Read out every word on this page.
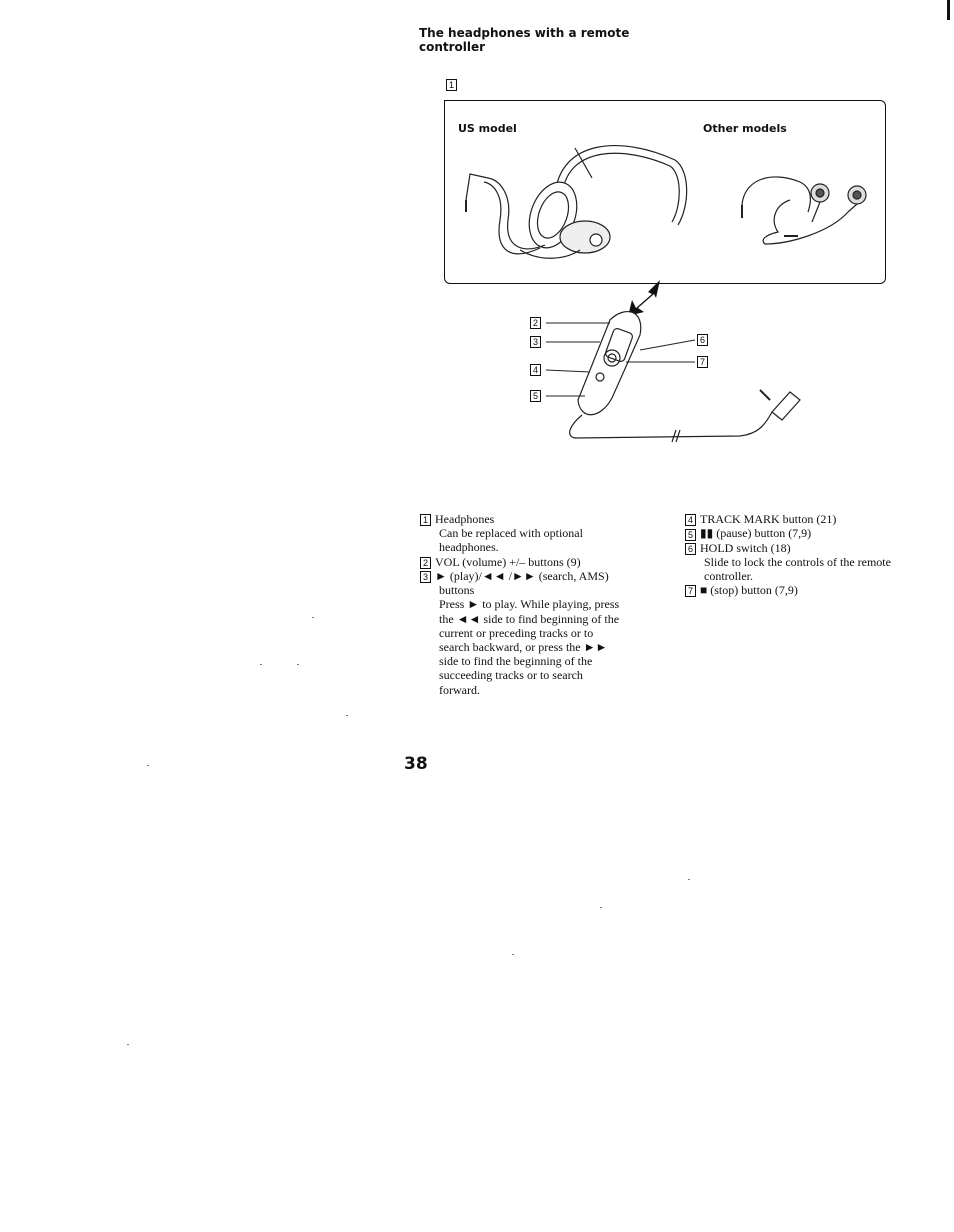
The headphones with a remote controller
1
US model	Other models
2
3
4
5
6
7
1 Headphones
Can be replaced with optional
headphones.
2 VOL (volume) +/– buttons (9)
3 ► (play)/◄◄ /►► (search, AMS)
buttons
Press ► to play. While playing, press
the ◄◄ side to find beginning of the
current or preceding tracks or to
search backward, or press the ►►
side to find the beginning of the
succeeding tracks or to search
forward.
4 TRACK MARK button (21)
5 ▮▮ (pause) button (7,9)
6 HOLD switch (18)
Slide to lock the controls of the remote
controller.
7 ■ (stop) button (7,9)
38
